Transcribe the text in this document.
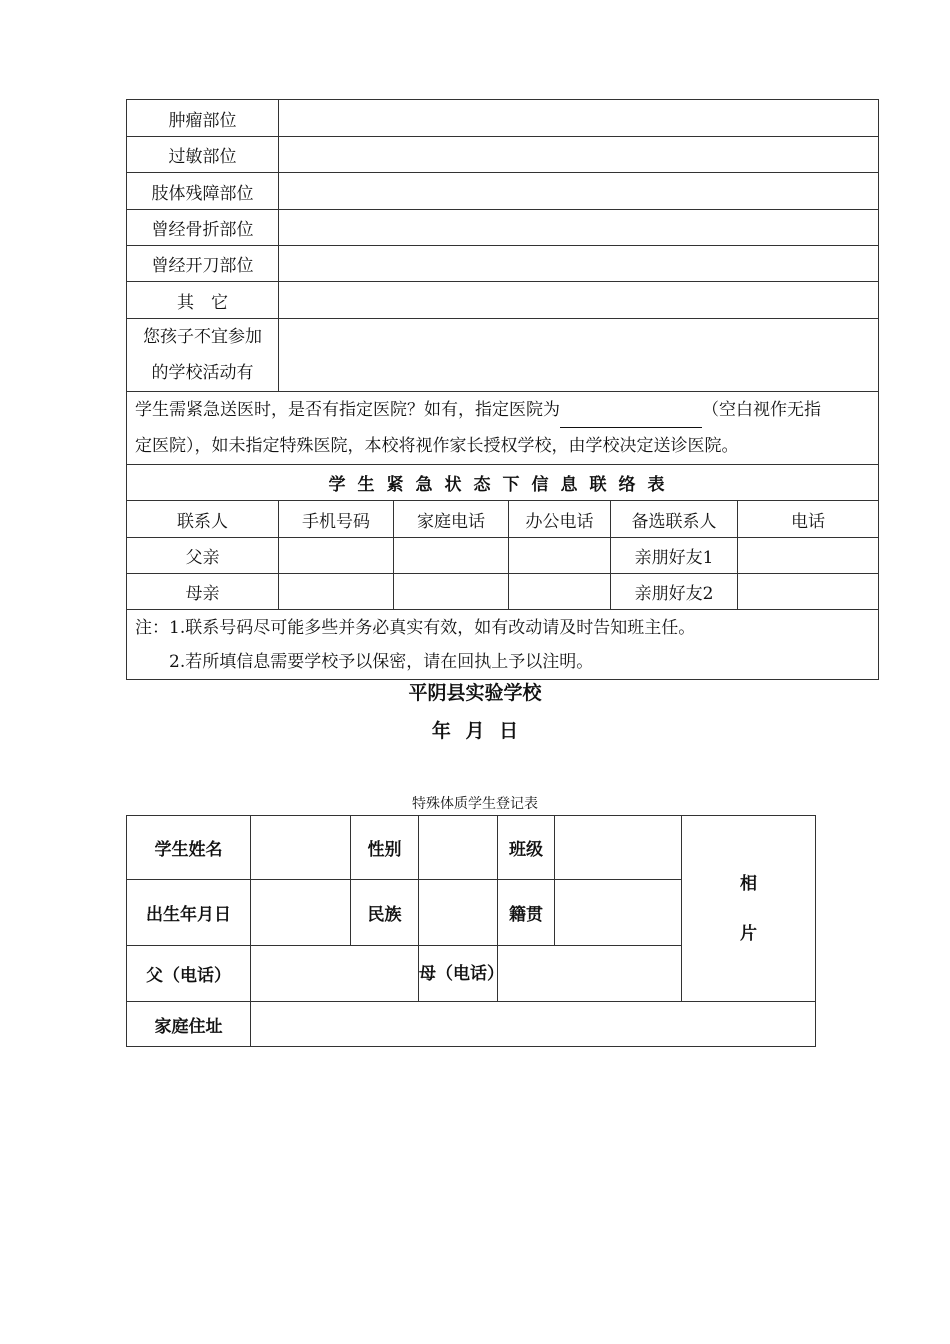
肿瘤部位					
过敏部位					
肢体残障部位					
曾经骨折部位					
曾经开刀部位					
其　它					

您孩子不宜参加
的学校活动有					

学生需紧急送医时，是否有指定医院？如有，指定医院为 （空白视作无指
定医院），如未指定特殊医院，本校将视作家长授权学校，由学校决定送诊医院。					
学生紧急状态下信息联络表					
联系人	手机号码	家庭电话	办公电话	备选联系人	电话
父亲				亲朋好友1	
母亲				亲朋好友2	

注：1.联系号码尽可能多些并务必真实有效，如有改动请及时告知班主任。
2.若所填信息需要学校予以保密，请在回执上予以注明。					
平阴县实验学校
年 月 日
特殊体质学生登记表
学生姓名		性别		班级		相
片

出生年月日		民族		籍贯		
父（电话）			母（电话）			
家庭住址						
